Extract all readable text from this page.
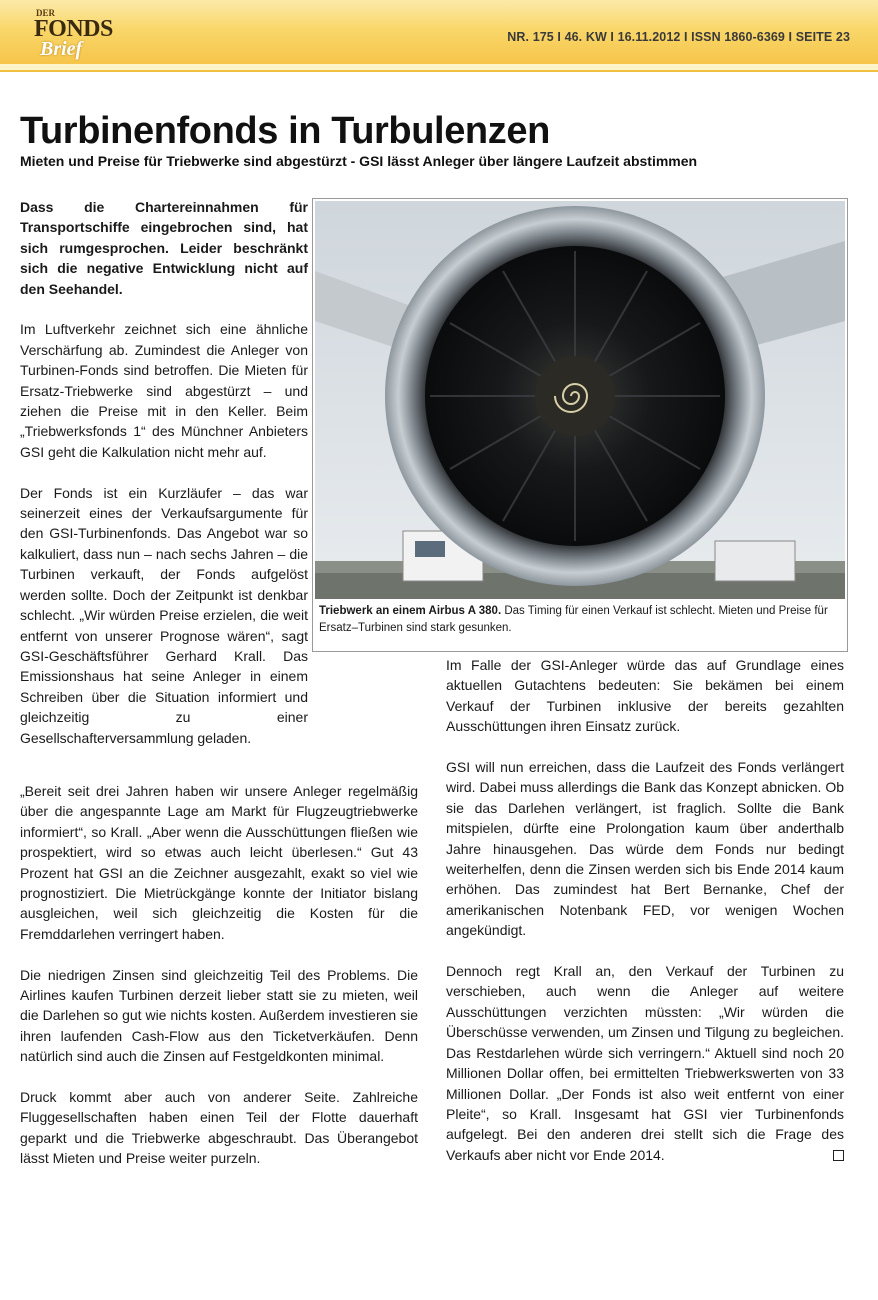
DER
FONDS
Brief
NR. 175 I 46. KW I 16.11.2012 I ISSN 1860-6369 I SEITE 23
Turbinenfonds in Turbulenzen

Mieten und Preise für Triebwerke sind abgestürzt - GSI lässt Anleger über längere Laufzeit abstimmen

Dass die Chartereinnahmen für Transportschiffe eingebrochen sind, hat sich rumgesprochen. Leider beschränkt sich die negative Entwicklung nicht auf den Seehandel.

Im Luftverkehr zeichnet sich eine ähnliche Verschärfung ab. Zumindest die Anleger von Turbinen-Fonds sind betroffen. Die Mieten für Ersatz-Triebwerke sind abgestürzt – und ziehen die Preise mit in den Keller. Beim „Triebwerksfonds 1“ des Münchner Anbieters GSI geht die Kalkulation nicht mehr auf.

Der Fonds ist ein Kurzläufer – das war seinerzeit eines der Verkaufsargumente für den GSI-Turbinenfonds. Das Angebot war so kalkuliert, dass nun – nach sechs Jahren – die Turbinen verkauft, der Fonds aufgelöst werden sollte. Doch der Zeitpunkt ist denkbar schlecht. „Wir würden Preise erzielen, die weit entfernt von unserer Prognose wären“, sagt GSI-Geschäftsführer Gerhard Krall. Das Emissionshaus hat seine Anleger in einem Schreiben über die Situation informiert und gleichzeitig zu einer Gesellschafterversammlung geladen.

„Bereit seit drei Jahren haben wir unsere Anleger regelmäßig über die angespannte Lage am Markt für Flugzeugtriebwerke informiert“, so Krall. „Aber wenn die Ausschüttungen fließen wie prospektiert, wird so etwas auch leicht überlesen.“ Gut 43 Prozent hat GSI an die Zeichner ausgezahlt, exakt so viel wie prognostiziert. Die Mietrückgänge konnte der Initiator bislang ausgleichen, weil sich gleichzeitig die Kosten für die Fremddarlehen verringert haben.

Die niedrigen Zinsen sind gleichzeitig Teil des Problems. Die Airlines kaufen Turbinen derzeit lieber statt sie zu mieten, weil die Darlehen so gut wie nichts kosten. Außerdem investieren sie ihren laufenden Cash-Flow aus den Ticketverkäufen. Denn natürlich sind auch die Zinsen auf Festgeldkonten minimal.

Druck kommt aber auch von anderer Seite. Zahlreiche Fluggesellschaften haben einen Teil der Flotte dauerhaft geparkt und die Triebwerke abgeschraubt. Das Überangebot lässt Mieten und Preise weiter purzeln.

Im Falle der GSI-Anleger würde das auf Grundlage eines aktuellen Gutachtens bedeuten: Sie bekämen bei einem Verkauf der Turbinen inklusive der bereits gezahlten Ausschüttungen ihren Einsatz zurück.

GSI will nun erreichen, dass die Laufzeit des Fonds verlängert wird. Dabei muss allerdings die Bank das Konzept abnicken. Ob sie das Darlehen verlängert, ist fraglich. Sollte die Bank mitspielen, dürfte eine Prolongation kaum über anderthalb Jahre hinausgehen. Das würde dem Fonds nur bedingt weiterhelfen, denn die Zinsen werden sich bis Ende 2014 kaum erhöhen. Das zumindest hat Bert Bernanke, Chef der amerikanischen Notenbank FED, vor wenigen Wochen angekündigt.

Dennoch regt Krall an, den Verkauf der Turbinen zu verschieben, auch wenn die Anleger auf weitere Ausschüttungen verzichten müssten: „Wir würden die Überschüsse verwenden, um Zinsen und Tilgung zu begleichen. Das Restdarlehen würde sich verringern.“ Aktuell sind noch 20 Millionen Dollar offen, bei ermittelten Triebwerkswerten von 33 Millionen Dollar. „Der Fonds ist also weit entfernt von einer Pleite“, so Krall. Insgesamt hat GSI vier Turbinenfonds aufgelegt. Bei den anderen drei stellt sich die Frage des Verkaufs aber nicht vor Ende 2014.

Triebwerk an einem Airbus A 380. Das Timing für einen Verkauf ist schlecht. Mieten und Preise für Ersatz–Turbinen sind stark gesunken.
